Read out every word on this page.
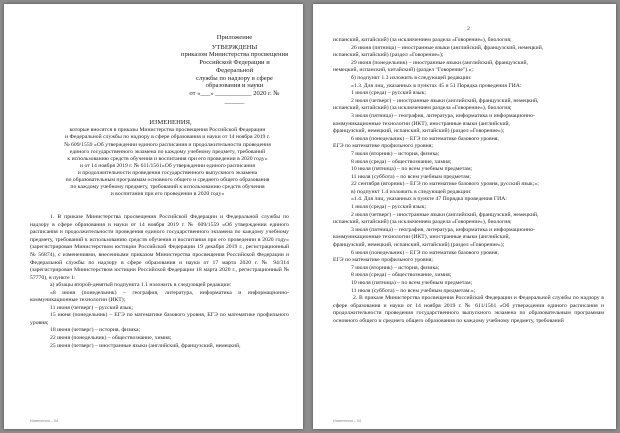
Приложение
УТВЕРЖДЕНЫ
приказом Министерства просвещения
Российской Федерации и Федеральной
службы по надзору в сфере
образования и науки
от «___» ___________ 2020 г. № ______
ИЗМЕНЕНИЯ,
которые вносятся в приказы Министерства просвещения Российской Федерации
и Федеральной службы по надзору в сфере образования и науки от 14 ноября 2019 г.
№ 609/1559 «Об утверждении единого расписания и продолжительности проведения
единого государственного экзамена по каждому учебному предмету, требований
к использованию средств обучения и воспитания при его проведении в 2020 году»
и от 14 ноября 2019 г. № 611/1561«Об утверждении единого расписания
и продолжительности проведения государственного выпускного экзамена
по образовательным программам основного общего и среднего общего образования
по каждому учебному предмету, требований к использованию средств обучения
и воспитания при его проведении в 2020 году»
1. В приказе Министерства просвещения Российской Федерации и Федеральной службы по надзору в сфере образования и науки от 14 ноября 2019 г. № 609/1559 «Об утверждении единого расписания и продолжительности проведения единого государственного экзамена по каждому учебному предмету, требований к использованию средств обучения и воспитания при его проведении в 2020 году» (зарегистрирован Министерством юстиции Российской Федерации 19 декабря 2019 г., регистрационный № 56874), с изменениями, внесенными приказом Министерства просвещения Российской Федерации и Федеральной службы по надзору в сфере образования и науки от 17 марта 2020 г. № 94/314 (зарегистрирован Министерством юстиции Российской Федерации 18 марта 2020 г., регистрационный № 57770), в пункте 1:
а) абзацы второй-девятый подпункта 1.1 изложить в следующей редакции:
«8 июня (понедельник) – география, литература, информатика и информационно-коммуникационные технологии (ИКТ);
11 июня (четверг) – русский язык;
15 июня (понедельник) – ЕГЭ по математике базового уровня, ЕГЭ по математике профильного уровня;
18 июня (четверг) – история, физика;
22 июня (понедельник) – обществознание, химия;
25 июня (четверг) – иностранные языки (английский, французский, немецкий,
Изменения – 04
2
испанский, китайский) (за исключением раздела «Говорение»), биология;
26 июня (пятница) – иностранные языки (английский, французский, немецкий,
испанский, китайский) (раздел «Говорение»);
29 июня (понедельник) – иностранные языки (английский, французский,
немецкий, испанский, китайский) (раздел "Говорение").»;
б) подпункт 1.3 изложить в следующей редакции:
«1.3. Для лиц, указанных в пунктах 45 и 51 Порядка проведения ГИА:
1 июля (среда) – русский язык;
2 июля (четверг) – иностранные языки (английский, французский, немецкий,
испанский, китайский) (за исключением раздела «Говорение»), биология;
3 июля (пятница) – география, литература, информатика и информационно-
коммуникационные технологии (ИКТ), иностранные языки (английский,
французский, немецкий, испанский, китайский) (раздел «Говорение»);
6 июля (понедельник) – ЕГЭ по математике базового уровня,
ЕГЭ по математике профильного уровня;
7 июля (вторник) – история, физика;
8 июля (среда) – обществознание, химия;
10 июля (пятница) – по всем учебным предметам;
11 июля (суббота) – по всем учебным предметам;
22 сентября (вторник) – ЕГЭ по математике базового уровня, русский язык;»;
в) подпункт 1.4 изложить в следующей редакции:
«1.4. Для лиц, указанных в пункте 47 Порядка проведения ГИА:
1 июля (среда) – русский язык;
2 июля (четверг) – иностранные языки (английский, французский, немецкий,
испанский, китайский) (за исключением раздела «Говорение»), биология;
3 июля (пятница) – география, литература, информатика и информационно-
коммуникационные технологии (ИКТ), иностранные языки (английский,
французский, немецкий, испанский, китайский) (раздел «Говорение»);
6 июля (понедельник) – ЕГЭ по математике базового уровня,
ЕГЭ по математике профильного уровня;
7 июля (вторник) – история, физика;
8 июля (среда) – обществознание, химия;
10 июля (пятница) – по всем учебным предметам;
11 июля (суббота) – по всем учебным предметам.»;
2. В приказе Министерства просвещения Российской Федерации и Федеральной службы по надзору в сфере образования и науки от 14 ноября 2019 г. № 611/1561 «Об утверждении единого расписания и продолжительности проведения государственного выпускного экзамена по образовательным программам основного общего и среднего общего образования по каждому учебному предмету, требований
Изменения – 04
